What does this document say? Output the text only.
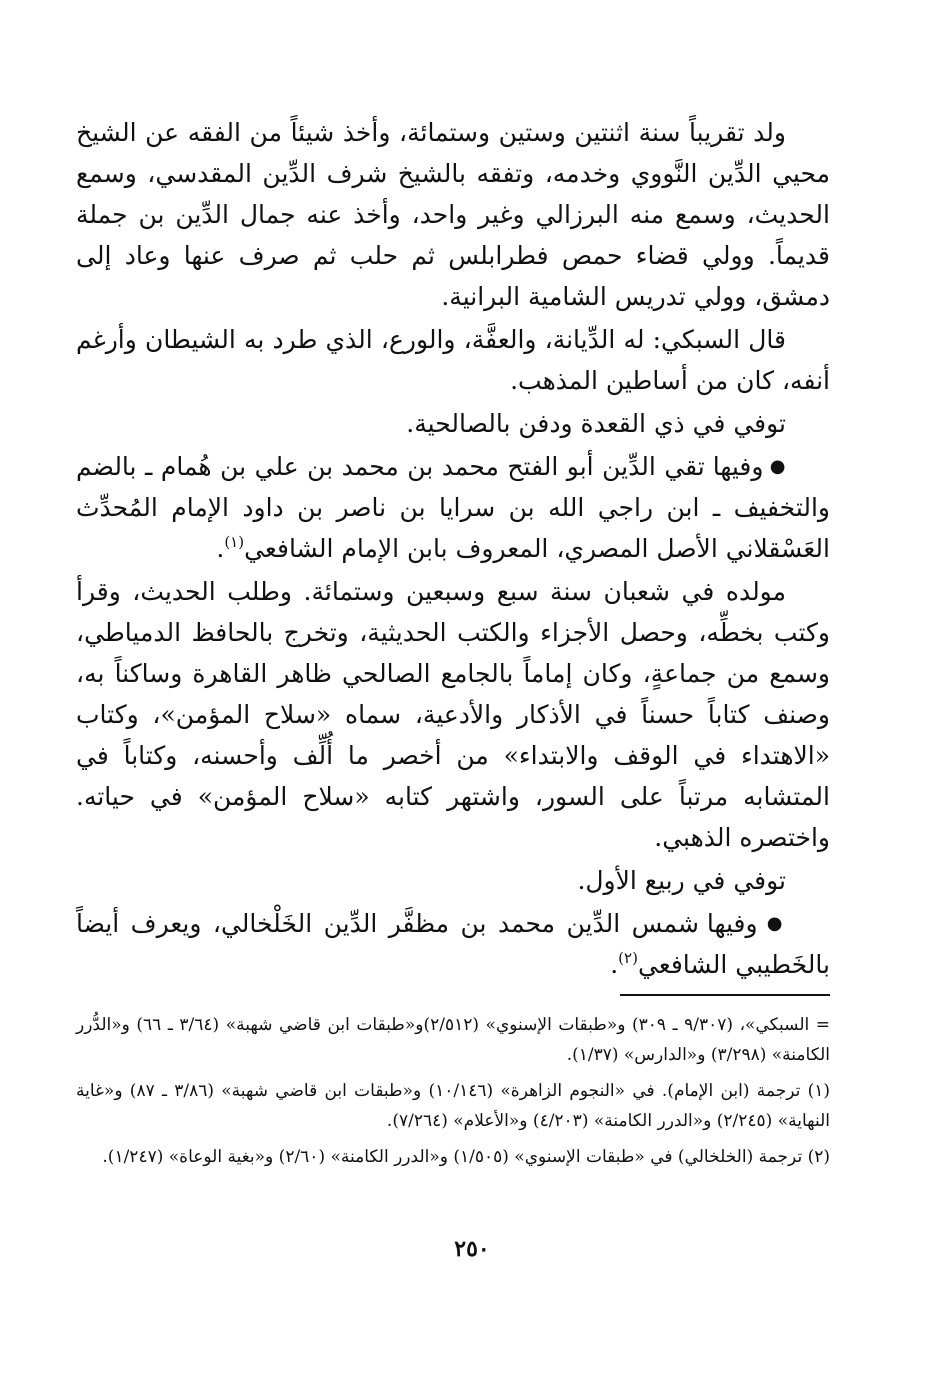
ولد تقريباً سنة اثنتين وستين وستمائة، وأخذ شيئاً من الفقه عن الشيخ محيي الدِّين النَّووي وخدمه، وتفقه بالشيخ شرف الدِّين المقدسي، وسمع الحديث، وسمع منه البرزالي وغير واحد، وأخذ عنه جمال الدِّين بن جملة قديماً. وولي قضاء حمص فطرابلس ثم حلب ثم صرف عنها وعاد إلى دمشق، وولي تدريس الشامية البرانية.

قال السبكي: له الدِّيانة، والعفَّة، والورع، الذي طرد به الشيطان وأرغم أنفه، كان من أساطين المذهب.

توفي في ذي القعدة ودفن بالصالحية.

● وفيها تقي الدِّين أبو الفتح محمد بن محمد بن علي بن هُمام ـ بالضم والتخفيف ـ ابن راجي الله بن سرايا بن ناصر بن داود الإمام المُحدِّث العَسْقلاني الأصل المصري، المعروف بابن الإمام الشافعي$^{(١)}$.

مولده في شعبان سنة سبع وسبعين وستمائة. وطلب الحديث، وقرأ وكتب بخطِّه، وحصل الأجزاء والكتب الحديثية، وتخرج بالحافظ الدمياطي، وسمع من جماعةٍ، وكان إماماً بالجامع الصالحي ظاهر القاهرة وساكناً به، وصنف كتاباً حسناً في الأذكار والأدعية، سماه «سلاح المؤمن»، وكتاب «الاهتداء في الوقف والابتداء» من أخصر ما أُلِّف وأحسنه، وكتاباً في المتشابه مرتباً على السور، واشتهر كتابه «سلاح المؤمن» في حياته. واختصره الذهبي.

توفي في ربيع الأول.

● وفيها شمس الدِّين محمد بن مظفَّر الدِّين الخَلْخالي، ويعرف أيضاً بالخَطيبي الشافعي$^{(٢)}$.

= السبكي»، (٩/٣٠٧ ـ ٣٠٩) و«طبقات الإسنوي» (٢/٥١٢)و«طبقات ابن قاضي شهبة» (٣/٦٤ ـ ٦٦) و«الدُّرر الكامنة» (٣/٢٩٨) و«الدارس» (١/٣٧).

(١) ترجمة (ابن الإمام). في «النجوم الزاهرة» (١٠/١٤٦) و«طبقات ابن قاضي شهبة» (٣/٨٦ ـ ٨٧) و«غاية النهاية» (٢/٢٤٥) و«الدرر الكامنة» (٤/٢٠٣) و«الأعلام» (٧/٢٦٤).

(٢) ترجمة (الخلخالي) في «طبقات الإسنوي» (١/٥٠٥) و«الدرر الكامنة» (٢/٦٠) و«بغية الوعاة» (١/٢٤٧).

٢٥٠
